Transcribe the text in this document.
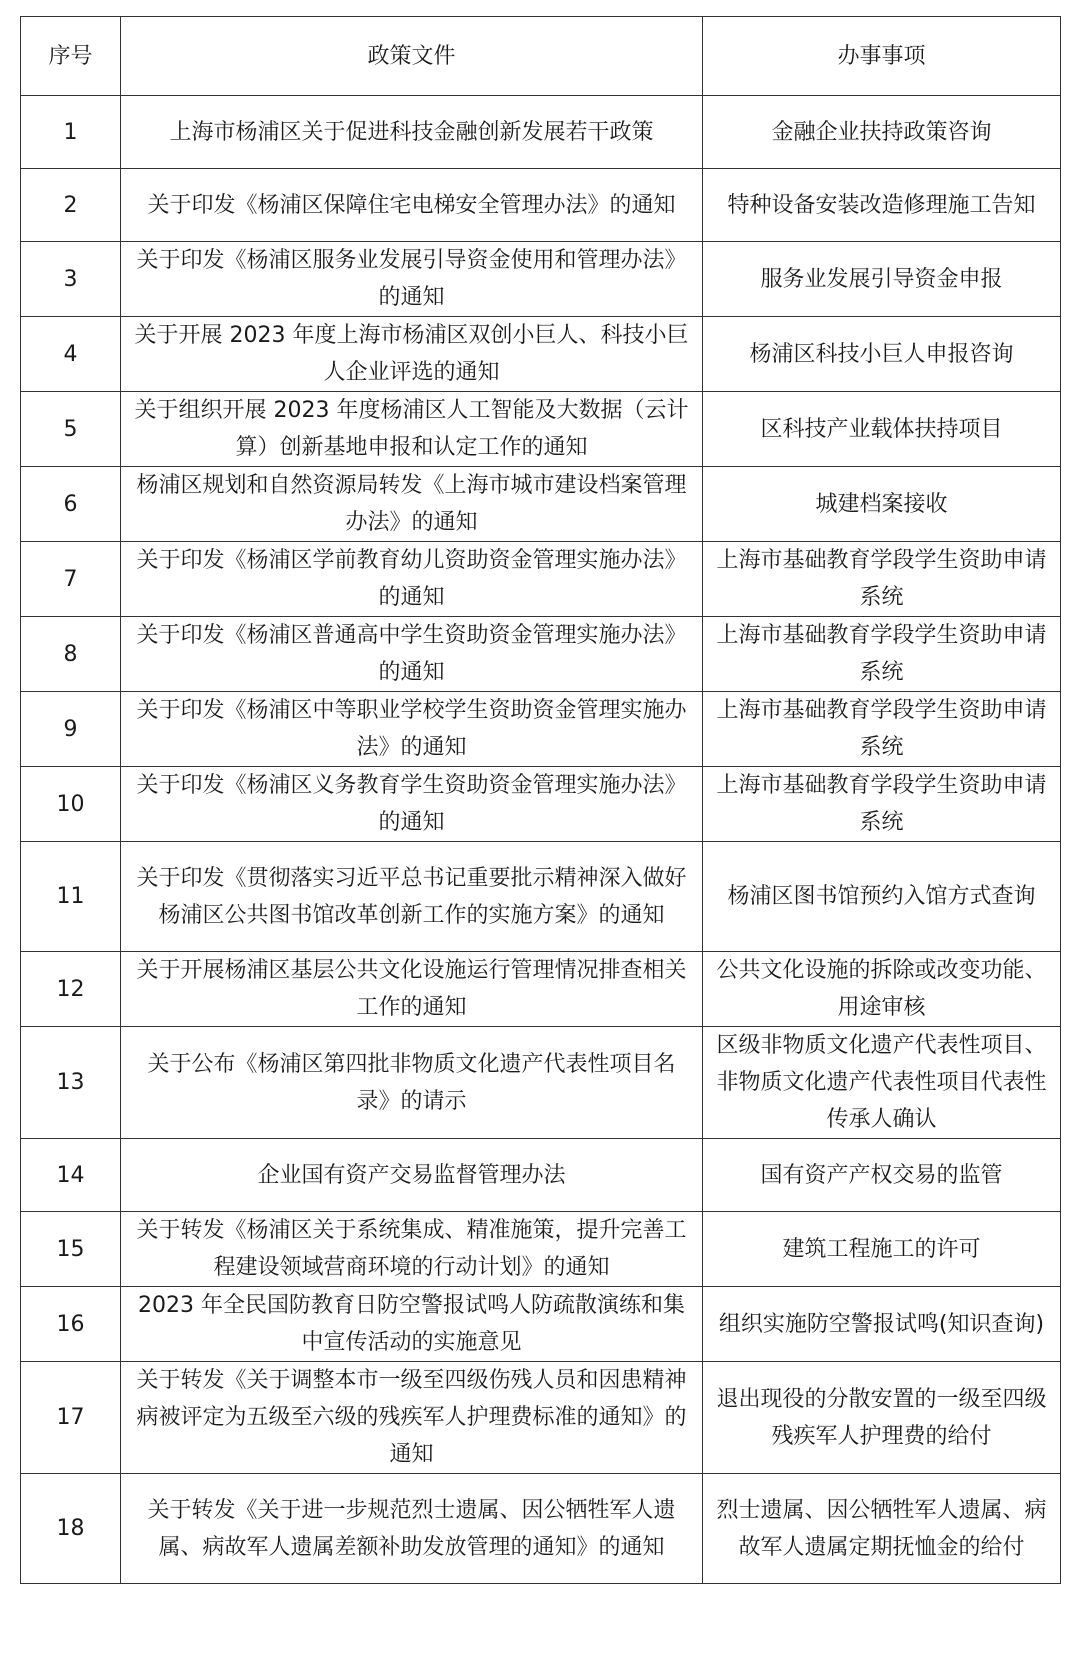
序号	政策文件	办事事项
1	上海市杨浦区关于促进科技金融创新发展若干政策	金融企业扶持政策咨询
2	关于印发《杨浦区保障住宅电梯安全管理办法》的通知	特种设备安装改造修理施工告知
3	关于印发《杨浦区服务业发展引导资金使用和管理办法》的通知	服务业发展引导资金申报
4	关于开展 2023 年度上海市杨浦区双创小巨人、科技小巨人企业评选的通知	杨浦区科技小巨人申报咨询
5	关于组织开展 2023 年度杨浦区人工智能及大数据（云计算）创新基地申报和认定工作的通知	区科技产业载体扶持项目
6	杨浦区规划和自然资源局转发《上海市城市建设档案管理办法》的通知	城建档案接收
7	关于印发《杨浦区学前教育幼儿资助资金管理实施办法》的通知	上海市基础教育学段学生资助申请系统
8	关于印发《杨浦区普通高中学生资助资金管理实施办法》的通知	上海市基础教育学段学生资助申请系统
9	关于印发《杨浦区中等职业学校学生资助资金管理实施办法》的通知	上海市基础教育学段学生资助申请系统
10	关于印发《杨浦区义务教育学生资助资金管理实施办法》的通知	上海市基础教育学段学生资助申请系统
11	关于印发《贯彻落实习近平总书记重要批示精神深入做好杨浦区公共图书馆改革创新工作的实施方案》的通知	杨浦区图书馆预约入馆方式查询
12	关于开展杨浦区基层公共文化设施运行管理情况排查相关工作的通知	公共文化设施的拆除或改变功能、用途审核
13	关于公布《杨浦区第四批非物质文化遗产代表性项目名录》的请示	区级非物质文化遗产代表性项目、非物质文化遗产代表性项目代表性传承人确认
14	企业国有资产交易监督管理办法	国有资产产权交易的监管
15	关于转发《杨浦区关于系统集成、精准施策，提升完善工程建设领域营商环境的行动计划》的通知	建筑工程施工的许可
16	2023 年全民国防教育日防空警报试鸣人防疏散演练和集中宣传活动的实施意见	组织实施防空警报试鸣(知识查询)
17	关于转发《关于调整本市一级至四级伤残人员和因患精神病被评定为五级至六级的残疾军人护理费标准的通知》的通知	退出现役的分散安置的一级至四级残疾军人护理费的给付
18	关于转发《关于进一步规范烈士遗属、因公牺牲军人遗属、病故军人遗属差额补助发放管理的通知》的通知	烈士遗属、因公牺牲军人遗属、病故军人遗属定期抚恤金的给付
